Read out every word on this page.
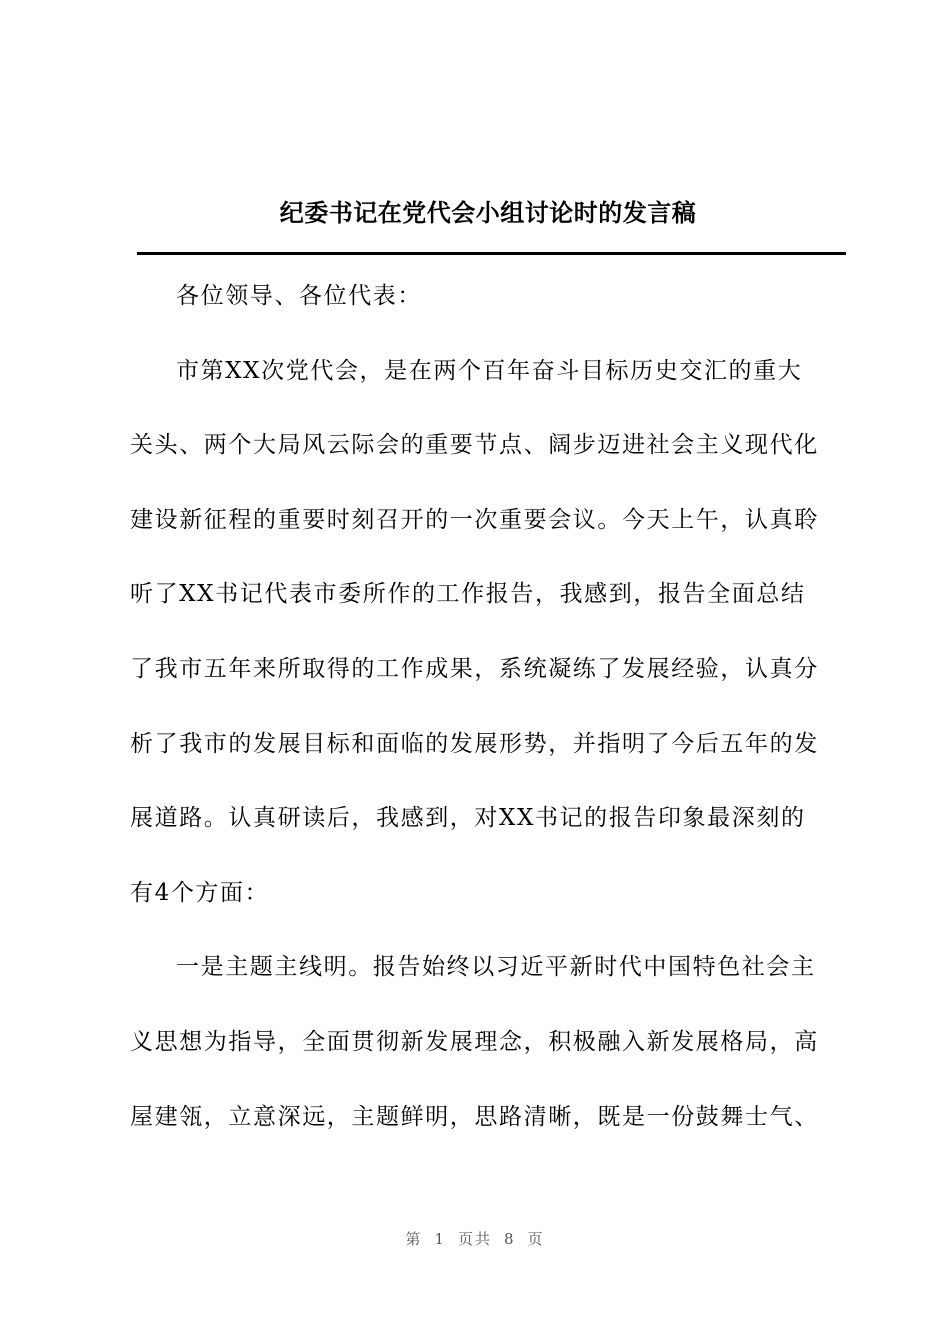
纪委书记在党代会小组讨论时的发言稿
各位领导、各位代表：
市第XX次党代会，是在两个百年奋斗目标历史交汇的重大
关头、两个大局风云际会的重要节点、阔步迈进社会主义现代化
建设新征程的重要时刻召开的一次重要会议。今天上午，认真聆
听了XX书记代表市委所作的工作报告，我感到，报告全面总结
了我市五年来所取得的工作成果，系统凝练了发展经验，认真分
析了我市的发展目标和面临的发展形势，并指明了今后五年的发
展道路。认真研读后，我感到，对XX书记的报告印象最深刻的
有4个方面：
一是主题主线明。报告始终以习近平新时代中国特色社会主
义思想为指导，全面贯彻新发展理念，积极融入新发展格局，高
屋建瓴，立意深远，主题鲜明，思路清晰，既是一份鼓舞士气、
第 1 页共 8 页
